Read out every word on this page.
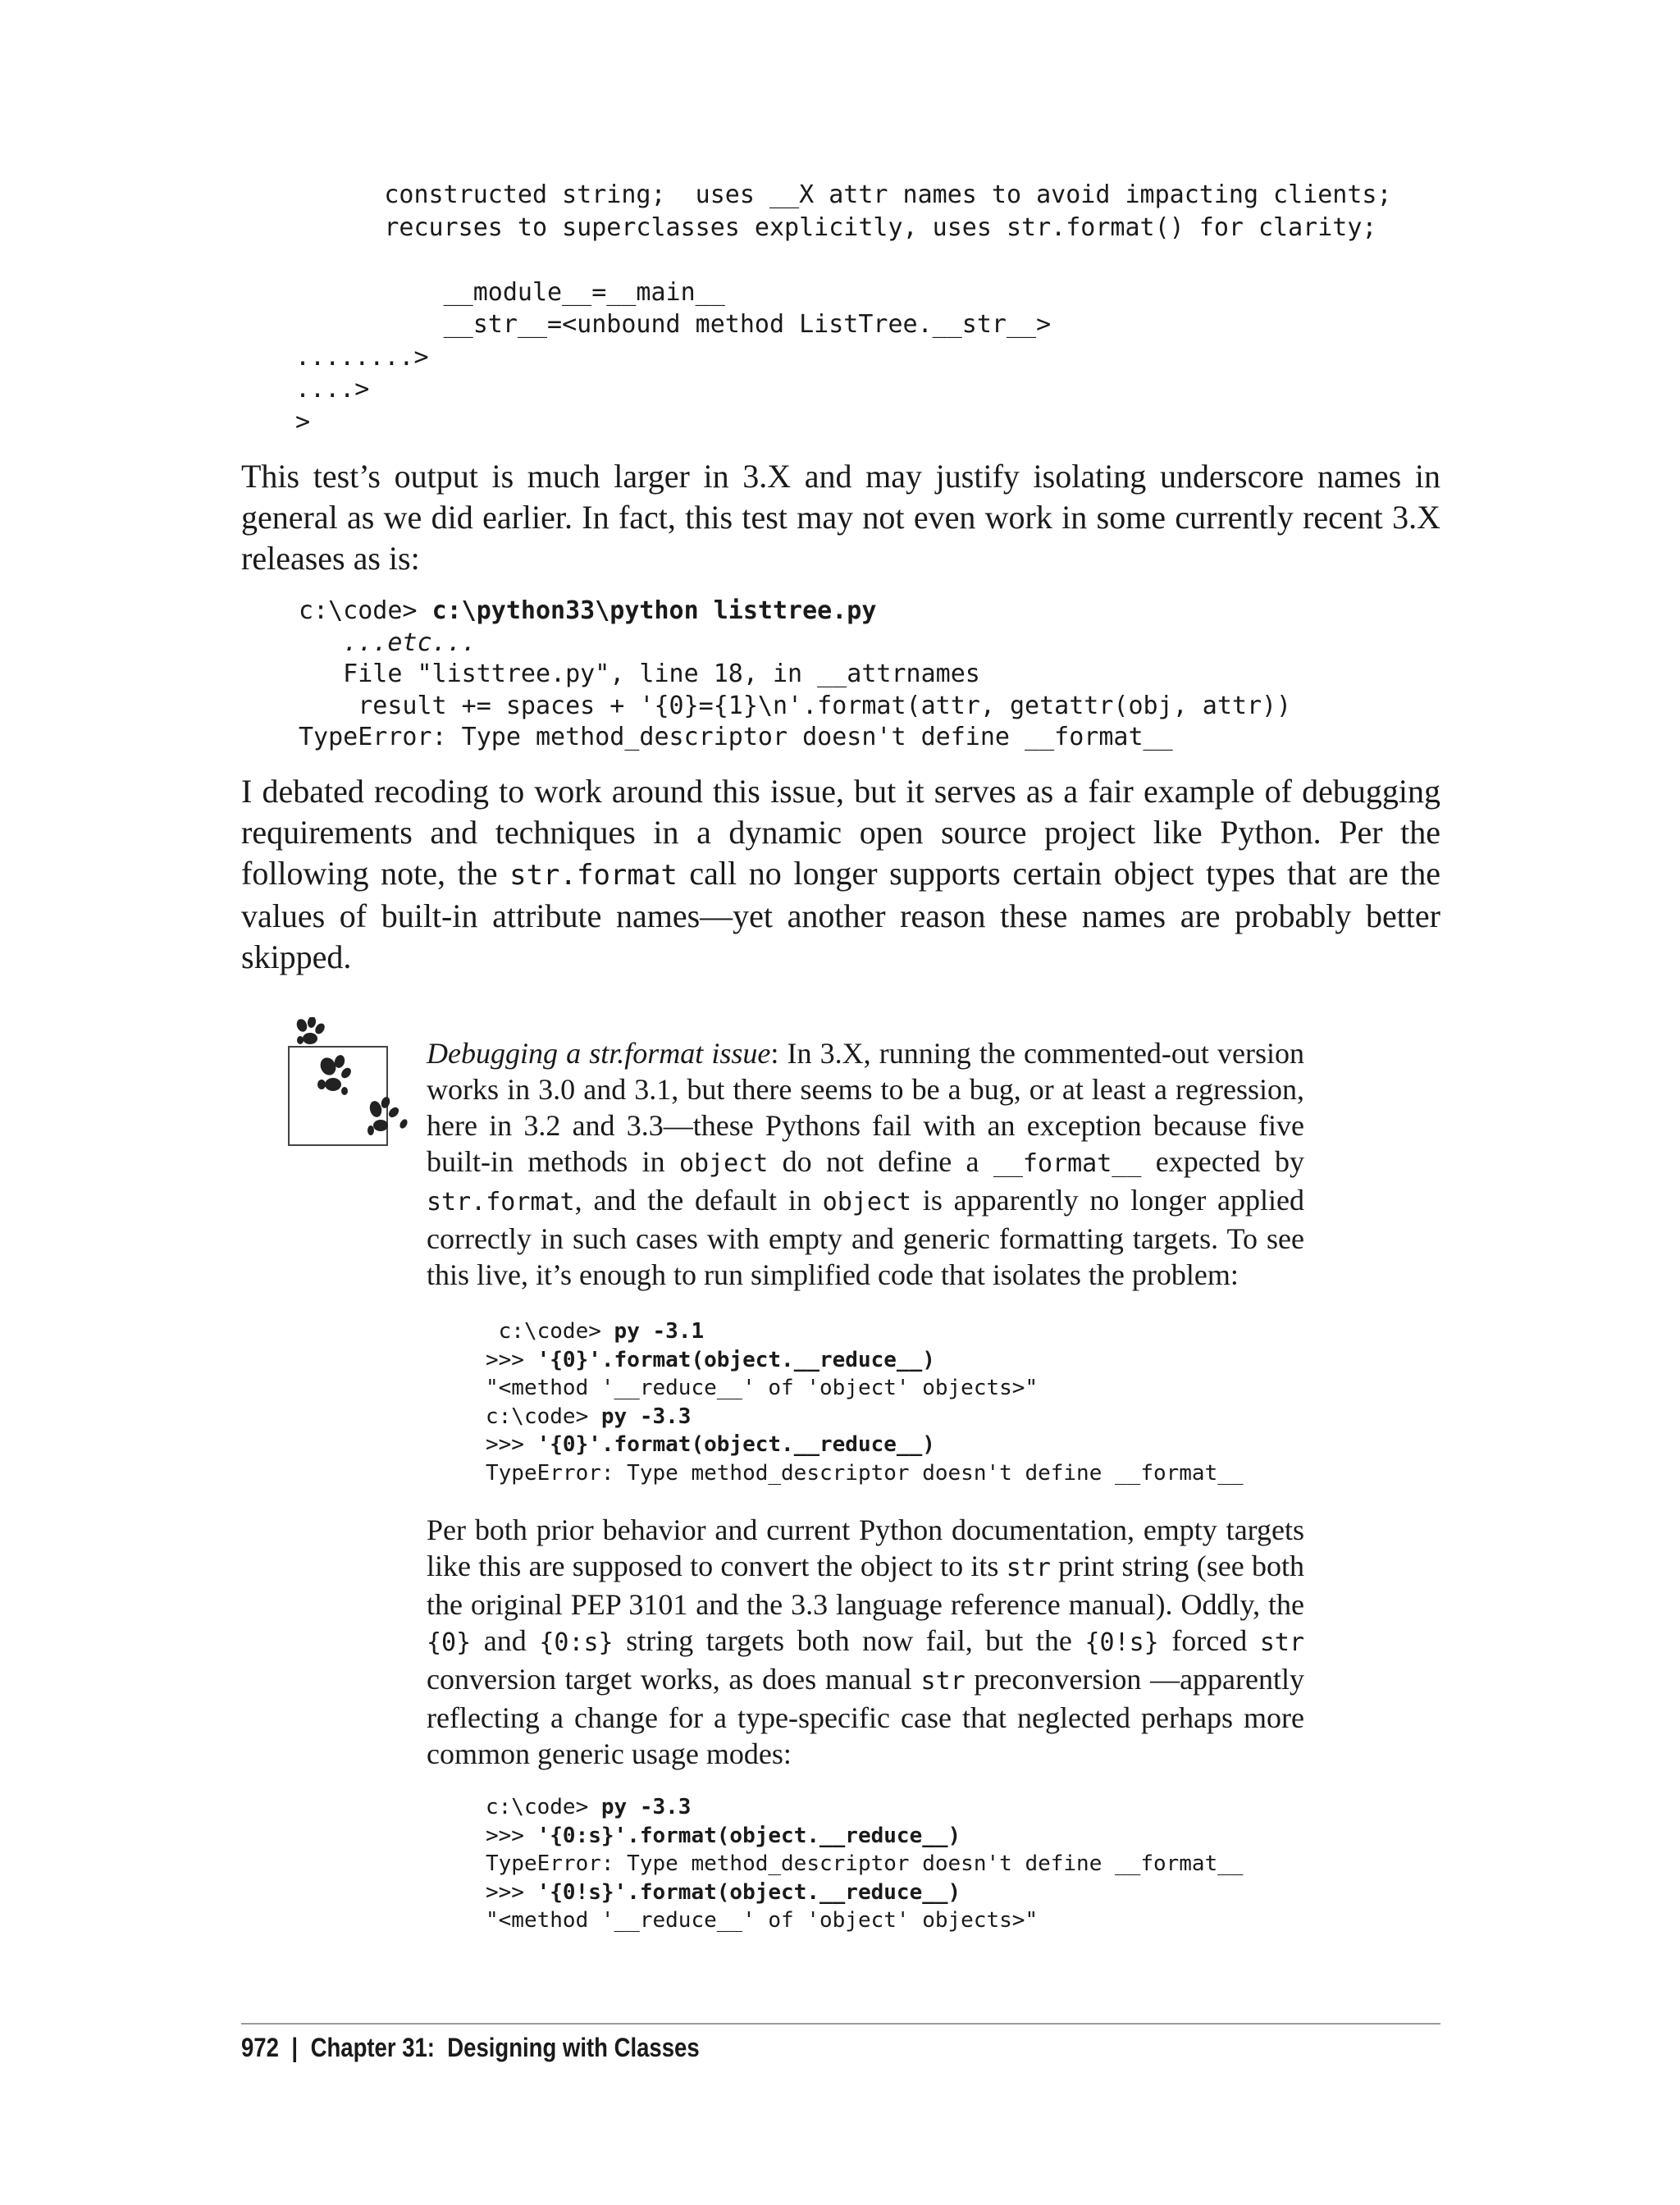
constructed string;  uses __X attr names to avoid impacting clients;
recurses to superclasses explicitly, uses str.format() for clarity;

__module__=__main__
__str__=<unbound method ListTree.__str__>
........>
....>
>

This test’s output is much larger in 3.X and may justify isolating underscore names in general as we did earlier. In fact, this test may not even work in some currently recent 3.X releases as is:

c:\code> c:\python33\python listtree.py
...etc...
File "listtree.py", line 18, in __attrnames
result += spaces + '{0}={1}\n'.format(attr, getattr(obj, attr))
TypeError: Type method_descriptor doesn't define __format__

I debated recoding to work around this issue, but it serves as a fair example of debugging requirements and techniques in a dynamic open source project like Python. Per the following note, the str.format call no longer supports certain object types that are the values of built-in attribute names—yet another reason these names are probably better skipped.

Debugging a str.format issue: In 3.X, running the commented-out version works in 3.0 and 3.1, but there seems to be a bug, or at least a regression, here in 3.2 and 3.3—these Pythons fail with an exception because five built-in methods in object do not define a __format__ expected by str.format, and the default in object is apparently no longer applied correctly in such cases with empty and generic formatting targets. To see this live, it’s enough to run simplified code that isolates the problem:

c:\code> py -3.1
>>> '{0}'.format(object.__reduce__)
"<method '__reduce__' of 'object' objects>"
c:\code> py -3.3
>>> '{0}'.format(object.__reduce__)
TypeError: Type method_descriptor doesn't define __format__

Per both prior behavior and current Python documentation, empty targets like this are supposed to convert the object to its str print string (see both the original PEP 3101 and the 3.3 language reference manual). Oddly, the {0} and {0:s} string targets both now fail, but the {0!s} forced str conversion target works, as does manual str preconversion —apparently reflecting a change for a type-specific case that neglected perhaps more common generic usage modes:

c:\code> py -3.3
>>> '{0:s}'.format(object.__reduce__)
TypeError: Type method_descriptor doesn't define __format__
>>> '{0!s}'.format(object.__reduce__)
"<method '__reduce__' of 'object' objects>"
972 | Chapter 31:  Designing with Classes
